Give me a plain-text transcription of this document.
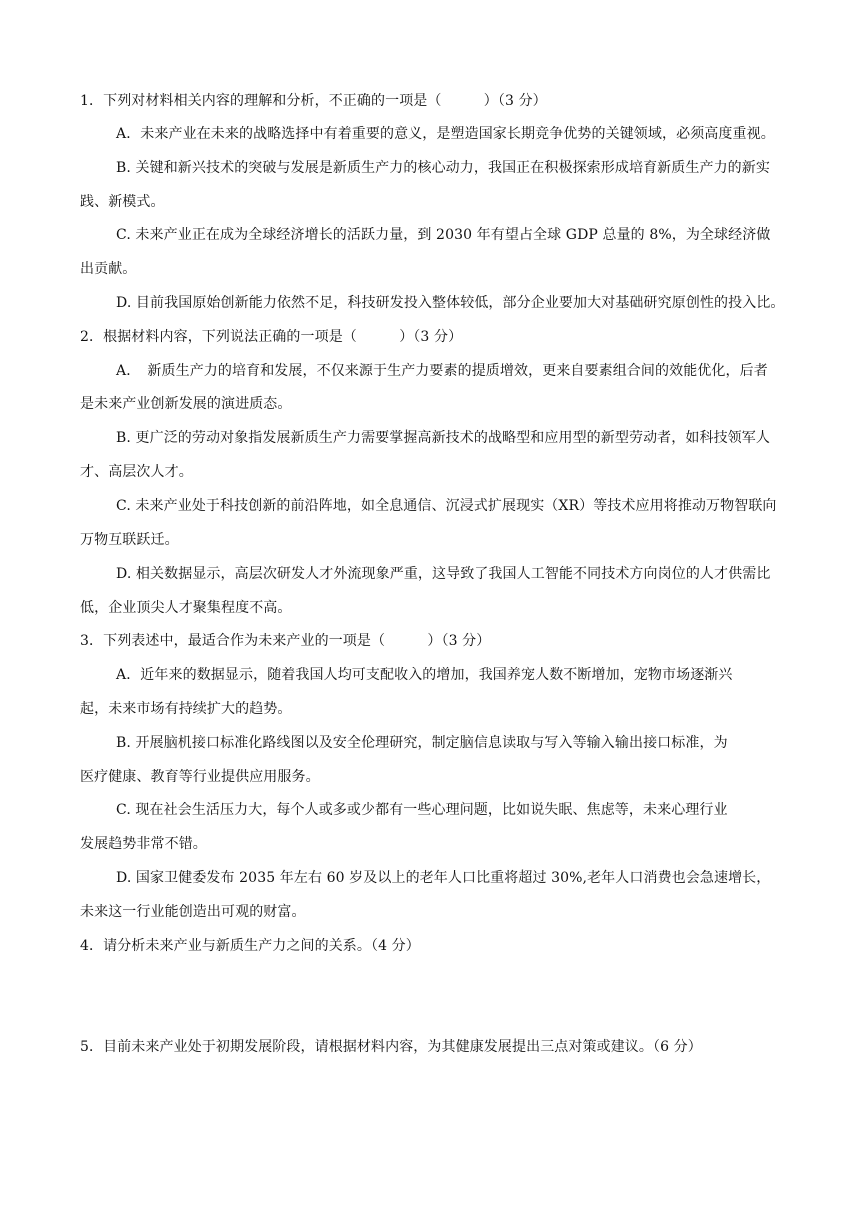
1．下列对材料相关内容的理解和分析，不正确的一项是（　　　）（3 分）
A．未来产业在未来的战略选择中有着重要的意义，是塑造国家长期竞争优势的关键领域，必须高度重视。
B. 关键和新兴技术的突破与发展是新质生产力的核心动力，我国正在积极探索形成培育新质生产力的新实
践、新模式。
C. 未来产业正在成为全球经济增长的活跃力量，到 2030 年有望占全球 GDP 总量的 8%，为全球经济做
出贡献。
D. 目前我国原始创新能力依然不足，科技研发投入整体较低，部分企业要加大对基础研究原创性的投入比。
2．根据材料内容，下列说法正确的一项是（　　　）（3 分）
A．　新质生产力的培育和发展，不仅来源于生产力要素的提质增效，更来自要素组合间的效能优化，后者
是未来产业创新发展的演进质态。
B. 更广泛的劳动对象指发展新质生产力需要掌握高新技术的战略型和应用型的新型劳动者，如科技领军人
才、高层次人才。
C. 未来产业处于科技创新的前沿阵地，如全息通信、沉浸式扩展现实（XR）等技术应用将推动万物智联向
万物互联跃迁。
D. 相关数据显示，高层次研发人才外流现象严重，这导致了我国人工智能不同技术方向岗位的人才供需比
低，企业顶尖人才聚集程度不高。
3．下列表述中，最适合作为未来产业的一项是（　　　）（3 分）
A．近年来的数据显示，随着我国人均可支配收入的增加，我国养宠人数不断增加，宠物市场逐渐兴
起，未来市场有持续扩大的趋势。
B. 开展脑机接口标准化路线图以及安全伦理研究，制定脑信息读取与写入等输入输出接口标准，为
医疗健康、教育等行业提供应用服务。
C. 现在社会生活压力大，每个人或多或少都有一些心理问题，比如说失眠、焦虑等，未来心理行业
发展趋势非常不错。
D. 国家卫健委发布 2035 年左右 60 岁及以上的老年人口比重将超过 30%,老年人口消费也会急速增长，
未来这一行业能创造出可观的财富。
4．请分析未来产业与新质生产力之间的关系。（4 分）
5．目前未来产业处于初期发展阶段，请根据材料内容，为其健康发展提出三点对策或建议。（6 分）
